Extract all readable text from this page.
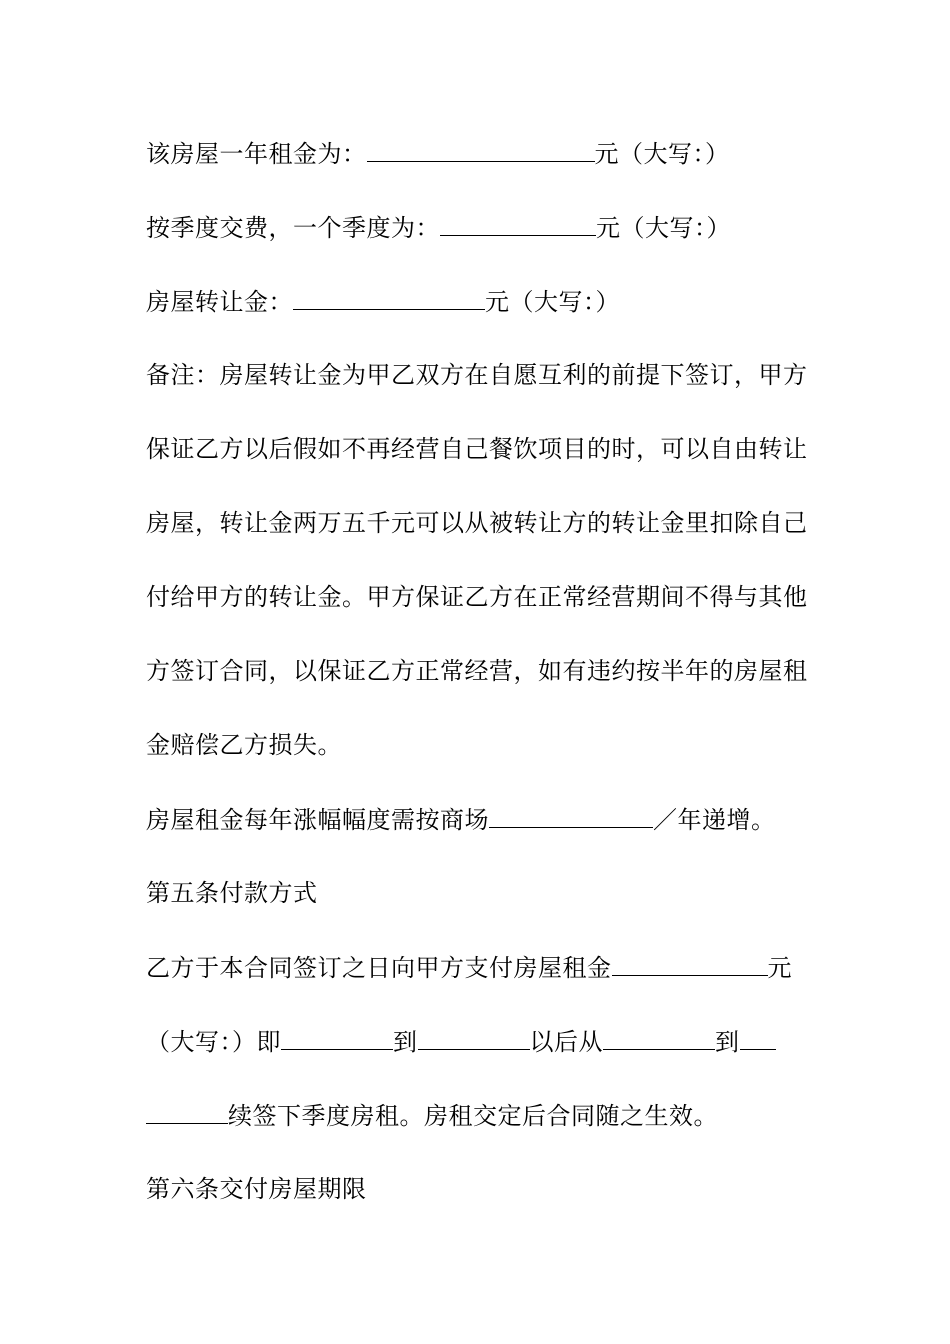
该房屋一年租金为：	元（大写：）
按季度交费，一个季度为：	元（大写：）
房屋转让金：	元（大写：）
备注：房屋转让金为甲乙双方在自愿互利的前提下签订，甲方
保证乙方以后假如不再经营自己餐饮项目的时，可以自由转让
房屋，转让金两万五千元可以从被转让方的转让金里扣除自己
付给甲方的转让金。甲方保证乙方在正常经营期间不得与其他
方签订合同，以保证乙方正常经营，如有违约按半年的房屋租
金赔偿乙方损失。
房屋租金每年涨幅幅度需按商场	／年递增。
第五条付款方式
乙方于本合同签订之日向甲方支付房屋租金	元
（大写：）即	到	以后从	到
续签下季度房租。房租交定后合同随之生效。
第六条交付房屋期限
